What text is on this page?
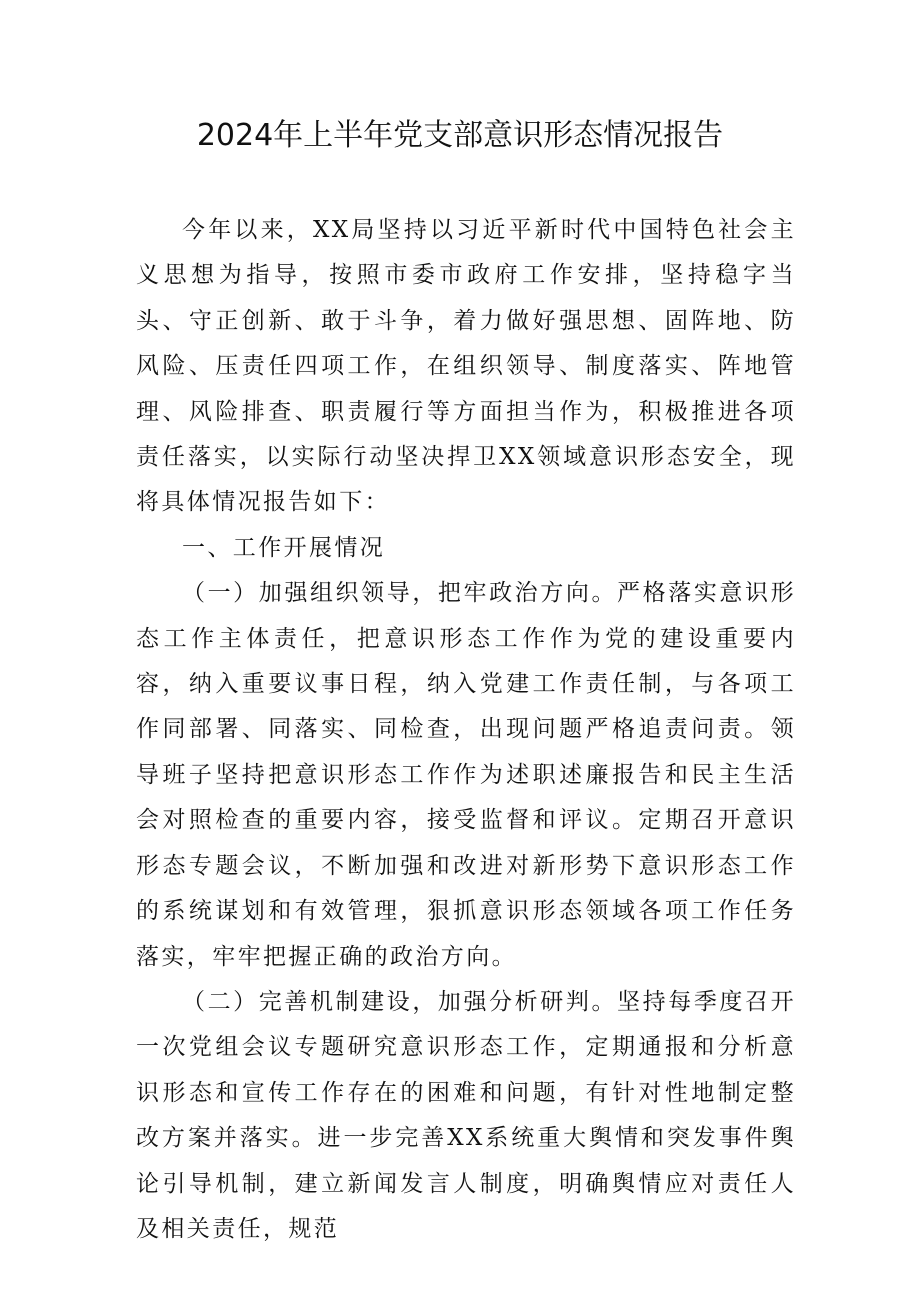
2024年上半年党支部意识形态情况报告

今年以来，XX局坚持以习近平新时代中国特色社会主义思想为指导，按照市委市政府工作安排，坚持稳字当头、守正创新、敢于斗争，着力做好强思想、固阵地、防风险、压责任四项工作，在组织领导、制度落实、阵地管理、风险排查、职责履行等方面担当作为，积极推进各项责任落实，以实际行动坚决捍卫XX领域意识形态安全，现将具体情况报告如下：

一、工作开展情况

（一）加强组织领导，把牢政治方向。严格落实意识形态工作主体责任，把意识形态工作作为党的建设重要内容，纳入重要议事日程，纳入党建工作责任制，与各项工作同部署、同落实、同检查，出现问题严格追责问责。领导班子坚持把意识形态工作作为述职述廉报告和民主生活会对照检查的重要内容，接受监督和评议。定期召开意识形态专题会议，不断加强和改进对新形势下意识形态工作的系统谋划和有效管理，狠抓意识形态领域各项工作任务落实，牢牢把握正确的政治方向。

（二）完善机制建设，加强分析研判。坚持每季度召开一次党组会议专题研究意识形态工作，定期通报和分析意识形态和宣传工作存在的困难和问题，有针对性地制定整改方案并落实。进一步完善XX系统重大舆情和突发事件舆论引导机制，建立新闻发言人制度，明确舆情应对责任人及相关责任，规范
